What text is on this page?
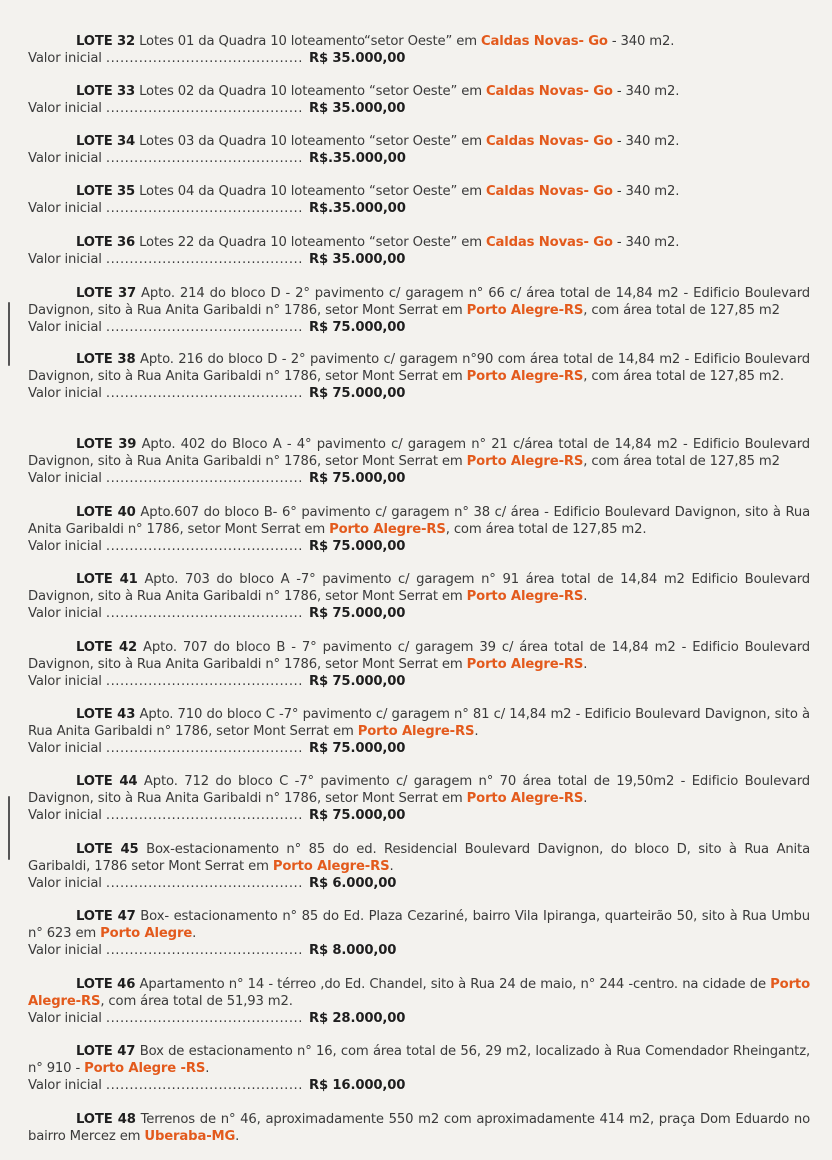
LOTE 32 Lotes 01 da Quadra 10 loteamento“setor Oeste” em Caldas Novas- Go - 340 m2.

Valor inicial .......................................... R$ 35.000,00

LOTE 33 Lotes 02 da Quadra 10 loteamento “setor Oeste” em Caldas Novas- Go - 340 m2.

Valor inicial .......................................... R$ 35.000,00

LOTE 34 Lotes 03 da Quadra 10 loteamento “setor Oeste” em Caldas Novas- Go - 340 m2.

Valor inicial .......................................... R$.35.000,00

LOTE 35 Lotes 04 da Quadra 10 loteamento “setor Oeste” em Caldas Novas- Go - 340 m2.

Valor inicial .......................................... R$.35.000,00

LOTE 36 Lotes 22 da Quadra 10 loteamento “setor Oeste” em Caldas Novas- Go - 340 m2.

Valor inicial .......................................... R$ 35.000,00

LOTE 37 Apto. 214 do bloco D - 2° pavimento c/ garagem n° 66 c/ área total de 14,84 m2 - Edificio Boulevard Davignon, sito à Rua Anita Garibaldi n° 1786, setor Mont Serrat em Porto Alegre-RS, com área total de 127,85 m2

Valor inicial .......................................... R$ 75.000,00

LOTE 38 Apto. 216 do bloco D - 2° pavimento c/ garagem n°90 com área total de 14,84 m2 - Edificio Boulevard Davignon, sito à Rua Anita Garibaldi n° 1786, setor Mont Serrat em Porto Alegre-RS, com área total de 127,85 m2.

Valor inicial .......................................... R$ 75.000,00

LOTE 39 Apto. 402 do Bloco A - 4° pavimento c/ garagem n° 21 c/área total de 14,84 m2 - Edificio Boulevard Davignon, sito à Rua Anita Garibaldi n° 1786, setor Mont Serrat em Porto Alegre-RS, com área total de 127,85 m2

Valor inicial .......................................... R$ 75.000,00

LOTE 40 Apto.607 do bloco B- 6° pavimento c/ garagem n° 38 c/ área - Edificio Boulevard Davignon, sito à Rua Anita Garibaldi n° 1786, setor Mont Serrat em Porto Alegre-RS, com área total de 127,85 m2.

Valor inicial .......................................... R$ 75.000,00

LOTE 41 Apto. 703 do bloco A -7° pavimento c/ garagem n° 91 área total de 14,84 m2 Edificio Boulevard Davignon, sito à Rua Anita Garibaldi n° 1786, setor Mont Serrat em Porto Alegre-RS.

Valor inicial .......................................... R$ 75.000,00

LOTE 42 Apto. 707 do bloco B - 7° pavimento c/ garagem 39 c/ área total de 14,84 m2 - Edificio Boulevard Davignon, sito à Rua Anita Garibaldi n° 1786, setor Mont Serrat em Porto Alegre-RS.

Valor inicial .......................................... R$ 75.000,00

LOTE 43 Apto. 710 do bloco C -7° pavimento c/ garagem n° 81 c/ 14,84 m2 - Edificio Boulevard Davignon, sito à Rua Anita Garibaldi n° 1786, setor Mont Serrat em Porto Alegre-RS.

Valor inicial .......................................... R$ 75.000,00

LOTE 44 Apto. 712 do bloco C -7° pavimento c/ garagem n° 70 área total de 19,50m2 - Edificio Boulevard Davignon, sito à Rua Anita Garibaldi n° 1786, setor Mont Serrat em Porto Alegre-RS.

Valor inicial .......................................... R$ 75.000,00

LOTE 45 Box-estacionamento n° 85 do ed. Residencial Boulevard Davignon, do bloco D, sito à Rua Anita Garibaldi, 1786 setor Mont Serrat em Porto Alegre-RS.

Valor inicial .......................................... R$ 6.000,00

LOTE 47 Box- estacionamento n° 85 do Ed. Plaza Cezariné, bairro Vila Ipiranga, quarteirão 50, sito à Rua Umbu n° 623 em Porto Alegre.

Valor inicial .......................................... R$ 8.000,00

LOTE 46 Apartamento n° 14 - térreo ,do Ed. Chandel, sito à Rua 24 de maio, n° 244 -centro. na cidade de Porto Alegre-RS, com área total de 51,93 m2.

Valor inicial .......................................... R$ 28.000,00

LOTE 47 Box de estacionamento n° 16, com área total de 56, 29 m2, localizado à Rua Comendador Rheingantz, n° 910 - Porto Alegre -RS.

Valor inicial .......................................... R$ 16.000,00

LOTE 48 Terrenos de n° 46, aproximadamente 550 m2 com aproximadamente 414 m2, praça Dom Eduardo no bairro Mercez em Uberaba-MG.
